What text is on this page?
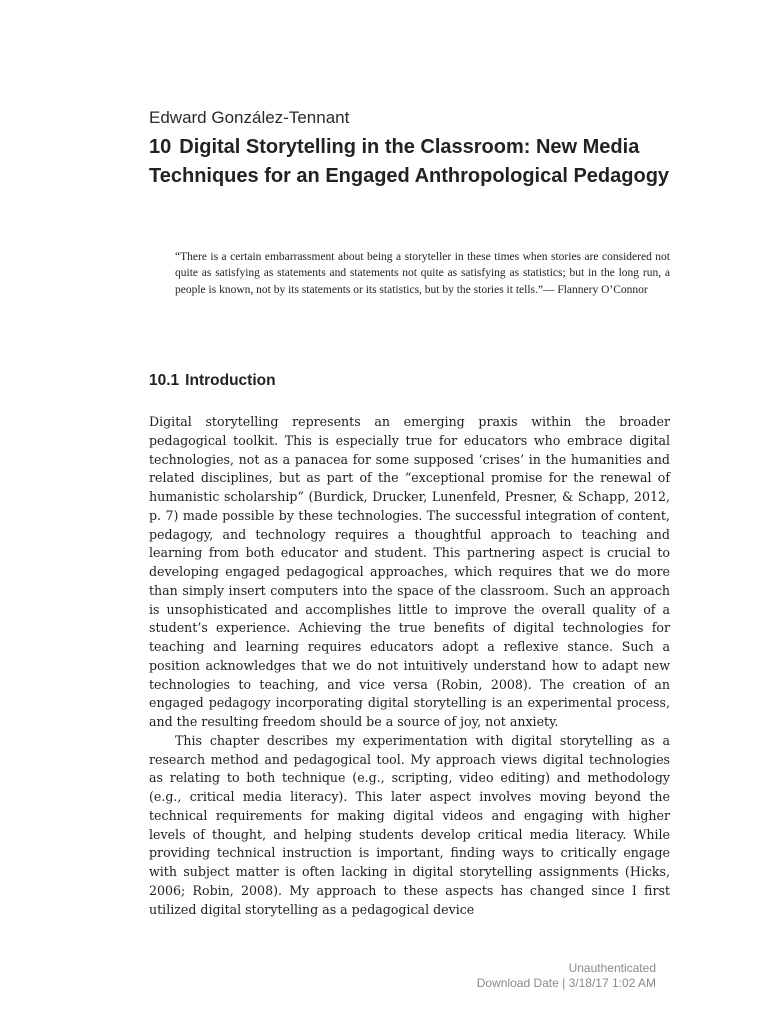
Edward González-Tennant

10 Digital Storytelling in the Classroom: New Media Techniques for an Engaged Anthropological Pedagogy

“There is a certain embarrassment about being a storyteller in these times when stories are considered not quite as satisfying as statements and statements not quite as satisfying as statistics; but in the long run, a people is known, not by its statements or its statistics, but by the stories it tells.”— Flannery O’Connor

10.1 Introduction

Digital storytelling represents an emerging praxis within the broader pedagogical toolkit. This is especially true for educators who embrace digital technologies, not as a panacea for some supposed ‘crises’ in the humanities and related disciplines, but as part of the “exceptional promise for the renewal of humanistic scholarship” (Burdick, Drucker, Lunenfeld, Presner, & Schapp, 2012, p. 7) made possible by these technologies. The successful integration of content, pedagogy, and technology requires a thoughtful approach to teaching and learning from both educator and student. This partnering aspect is crucial to developing engaged pedagogical approaches, which requires that we do more than simply insert computers into the space of the classroom. Such an approach is unsophisticated and accomplishes little to improve the overall quality of a student’s experience. Achieving the true benefits of digital technologies for teaching and learning requires educators adopt a reflexive stance. Such a position acknowledges that we do not intuitively understand how to adapt new technologies to teaching, and vice versa (Robin, 2008). The creation of an engaged pedagogy incorporating digital storytelling is an experimental process, and the resulting freedom should be a source of joy, not anxiety.

This chapter describes my experimentation with digital storytelling as a research method and pedagogical tool. My approach views digital technologies as relating to both technique (e.g., scripting, video editing) and methodology (e.g., critical media literacy). This later aspect involves moving beyond the technical requirements for making digital videos and engaging with higher levels of thought, and helping students develop critical media literacy. While providing technical instruction is important, finding ways to critically engage with subject matter is often lacking in digital storytelling assignments (Hicks, 2006; Robin, 2008). My approach to these aspects has changed since I first utilized digital storytelling as a pedagogical device

Unauthenticated
Download Date | 3/18/17 1:02 AM
